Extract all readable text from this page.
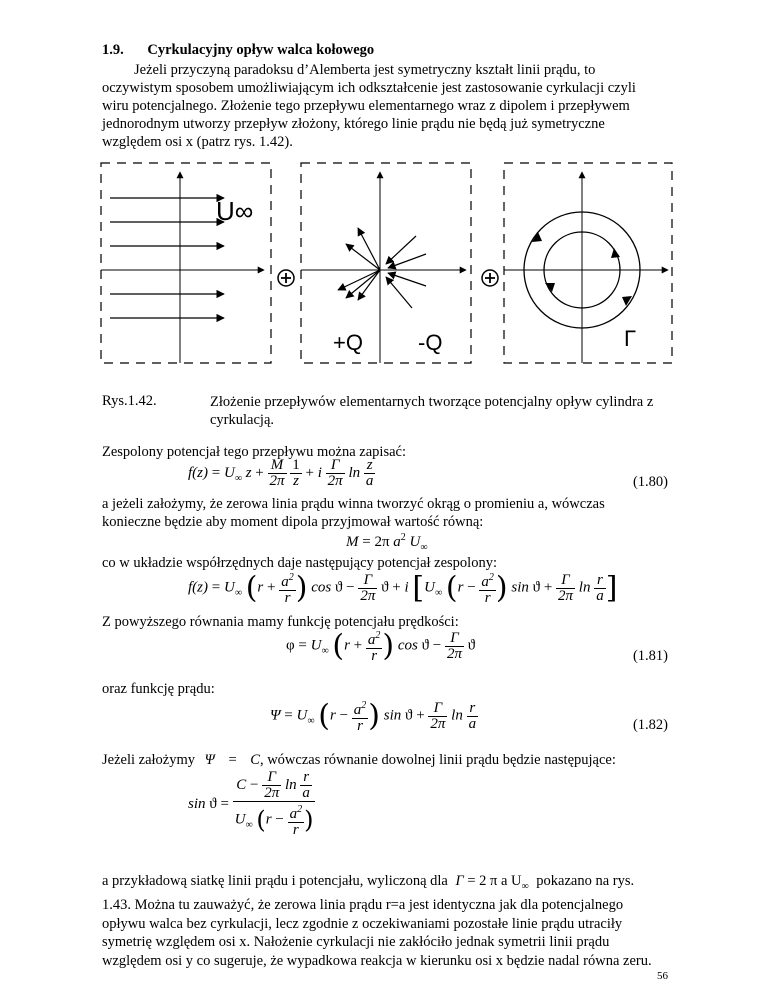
1.9. Cyrkulacyjny opływ walca kołowego
Jeżeli przyczyną paradoksu d’Alemberta jest symetryczny kształt linii prądu, to
oczywistym sposobem umożliwiającym ich odkształcenie jest zastosowanie cyrkulacji czyli
wiru potencjalnego. Złożenie tego przepływu elementarnego wraz z dipolem i przepływem
jednorodnym utworzy przepływ złożony, którego linie prądu nie będą już symetryczne
względem osi x (patrz rys. 1.42).
U∞
+Q	-Q	Γ
Rys.1.42.	Złożenie przepływów elementarnych tworzące potencjalny opływ cylindra z
cyrkulacją.
Zespolony potencjał tego przepływu można zapisać:
$f(z) = U_\infty$ $z + \frac{M}{2\pi}$
$\frac{1}{z} + i \frac{\Gamma}{2\pi}$ $\ln \frac{z}{a}$	(1.80)
a jeżeli założymy, że zerowa linia prądu winna tworzyć okrąg o promieniu a, wówczas
konieczne będzie aby moment dipola przyjmował wartość równą:
M = 2π $a^2$ $U_\infty$
co w układzie współrzędnych daje następujący potencjał zespolony:
$f(z) = U_\infty$ ($r + \frac{a^2}{r}$ ) $\cos ϑ - \frac{\Gamma}{2\pi}$ ϑ + i [$U_\infty$ ($r - \frac{a^2}{r}$ ) $\sin ϑ + \frac{\Gamma}{2\pi}$ $\ln \frac{r}{a}$ ]
Z powyższego równania mamy funkcję potencjału prędkości:
$\varphi = U_\infty$ ($r + \frac{a^2}{r}$ ) $\cos ϑ - \frac{\Gamma}{2\pi}$ ϑ
(1.81)
oraz funkcję prądu:
$\Psi = U_\infty$ ($r - \frac{a^2}{r}$ ) $\sin ϑ + \frac{\Gamma}{2\pi}$ $\ln \frac{r}{a}$	(1.82)
Jeżeli założymy Ψ = C, wówczas równanie dowolnej linii prądu będzie następujące:
$\sin ϑ = \frac{C - \frac{\Gamma}{2\pi} \ln \frac{r}{a}}{U_\infty (r - \frac{a^2}{r} )}$
a przykładową siatkę linii prądu i potencjału, wyliczoną dla Γ = 2 π a $U_\infty$ pokazano na rys.
1.43. Można tu zauważyć, że zerowa linia prądu r=a jest identyczna jak dla potencjalnego
opływu walca bez cyrkulacji, lecz zgodnie z oczekiwaniami pozostałe linie prądu utraciły
symetrię względem osi x. Nałożenie cyrkulacji nie zakłóciło jednak symetrii linii prądu
względem osi y co sugeruje, że wypadkowa reakcja w kierunku osi x będzie nadal równa zeru.
56
